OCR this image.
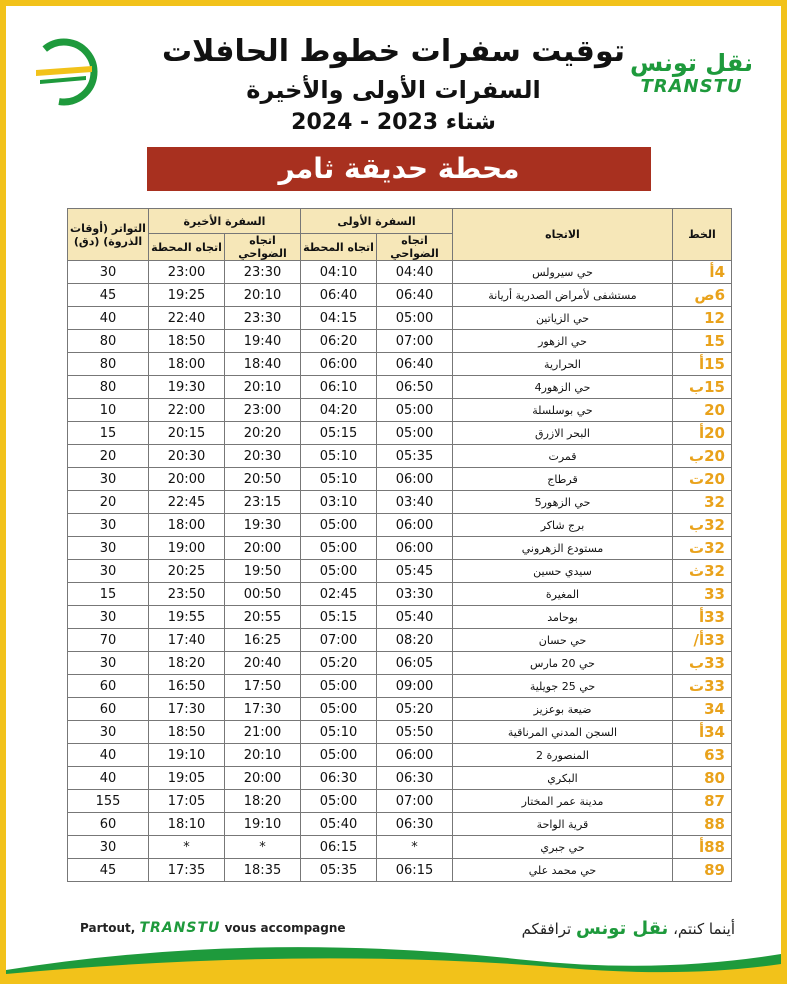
نقل تونس
TRANSTU
توقيت سفرات خطوط الحافلات
السفرات الأولى والأخيرة
شتاء 2023 - 2024
محطة حديقة ثامر
الخط	الاتجاه	السفرة الأولى		السفرة الأخيرة		التواتر (أوقات الذروة) (دق)
		اتجاه الضواحي	اتجاه المحطة	اتجاه الضواحي	اتجاه المحطة	
4أ	حي سيرولس	04:40	04:10	23:30	23:00	30
6ص	مستشفى لأمراض الصدرية أريانة	06:40	06:40	20:10	19:25	45
12	حي الزياتين	05:00	04:15	23:30	22:40	40
15	حي الزهور	07:00	06:20	19:40	18:50	80
15أ	الحرارية	06:40	06:00	18:40	18:00	80
15ب	حي الزهور4	06:50	06:10	20:10	19:30	80
20	حي بوسلسلة	05:00	04:20	23:00	22:00	10
20أ	البحر الازرق	05:00	05:15	20:20	20:15	15
20ب	قمرت	05:35	05:10	20:30	20:30	20
20ت	قرطاج	06:00	05:10	20:50	20:00	30
32	حي الزهور5	03:40	03:10	23:15	22:45	20
32ب	برج شاكر	06:00	05:00	19:30	18:00	30
32ت	مستودع الزهروني	06:00	05:00	20:00	19:00	30
32ث	سيدي حسين	05:45	05:00	19:50	20:25	30
33	المغيرة	03:30	02:45	00:50	23:50	15
33أ	بوحامد	05:40	05:15	20:55	19:55	30
33أ/	حي حسان	08:20	07:00	16:25	17:40	70
33ب	حي 20 مارس	06:05	05:20	20:40	18:20	30
33ت	حي 25 جويلية	09:00	05:00	17:50	16:50	60
34	ضيعة بوعزيز	05:20	05:00	17:30	17:30	60
34أ	السجن المدني المرناقية	05:50	05:10	21:00	18:50	30
63	المنصورة 2	06:00	05:00	20:10	19:10	40
80	البكري	06:30	06:30	20:00	19:05	40
87	مدينة عمر المختار	07:00	05:00	18:20	17:05	155
88	قرية الواحة	06:30	05:40	19:10	18:10	60
88أ	حي جبري	*	06:15	*	*	30
89	حي محمد علي	06:15	05:35	18:35	17:35	45
Partout, TRANSTU vous accompagne	أينما كنتم، نقل تونس ترافقكم
